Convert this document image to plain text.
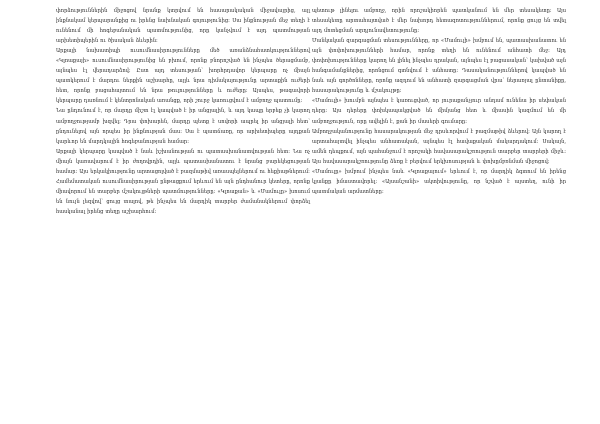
փորձություններին միջոցով նրանք կտրվում են հասարակական միջավայրից, այլ ինքնակամ կերպարանքից ու իրենց նախնական գոյությունից: Սա ինքնության մեջ տեղի է ունենում մի հոգեբանական պատմությունից, որը կանչվում է այդ պատմության արխետիպերին ու ծիսական ձևերին:

Արքայի նախատիպի ուսումնասիրությունները մեծ առանձնահատկություններով «Կլոաքայի» ուսումնասիրությունից են բխում, որոնք բնորոշված են ինչպես ծերացմամբ, այնպես էլ վերադարձով: Ըստ այդ տեսության՝ խորհրդավոր կերպարը ոչ միայն պատկերում է մարդու ներքին աշխարհը, այլև նրա դիմակայությունը արտաքին ուժերի հետ, որոնք բացահայտում են նրա թուլությունները և ուժերը: Այսպես, թագավորի կերպարը դառնում է կենտրոնական առանցք, որի շուրջ կառուցվում է ամբողջ պատումը:

Նա ընդունում է, որ մարդը միշտ էլ կապված է իր անցյալին, և այդ կապը երբեք չի կարող ամբողջությամբ խզվել: Դրա փոխարեն, մարդը պետք է սովորի ապրել իր անցյալի հետ՝ ընդունելով այն որպես իր ինքնության մաս: Սա է պատճառը, որ արխետիպերը այդքան կարևոր են մարդկային հոգեբանության համար:

Արքայի կերպարը կապված է նաև իշխանության ու պատասխանատվության հետ: Նա ոչ միայն կառավարում է իր ժողովրդին, այլև պատասխանատու է նրանց բարեկեցության համար: Այս երկակիությունը արտացոլված է բազմաթիվ առասպելներում ու հեքիաթներում:

Համեմատական ուսումնասիրության ընթացքում երևում են այն ընդհանուր կետերը, որոնք միավորում են տարբեր մշակույթների պատմությունները: «Կլոաքան» և «Մամուլը» խոսում են նույն լեզվով՝ ցույց տալով, թե ինչպես են մարդիկ տարբեր ժամանակներում փորձել հասկանալ իրենց տեղը աշխարհում:

պետութ լինելու ամբողջ, որին որոշակիորեն պատկանում են մեր տեսակետը: Այս տեսակետը արտահայտված է մեր նախորդ հետազոտություններում, որոնք ցույց են տվել այդ մոտեցման արդյունավետությունը:

Մանկական զարգացման տեսությունները, որ «Մամուլի» խմբում են, պատասխանատու են այն փոփոխությունների համար, որոնք տեղի են ունենում անհատի մեջ: Այդ փոփոխությունները կարող են լինել ինչպես դրական, այնպես էլ բացասական՝ կախված այն հանգամանքներից, որոնցում գտնվում է անհատը: Դասականություններով կապված են նաև այն գործոնները, որոնք ազդում են անհատի զարգացման վրա՝ ներառյալ ընտանիքը, հասարակությունը և մշակույթը:

«Մամուլի» խումբն այնպես է կառուցված, որ յուրաքանչյուր անդամ ունենա իր սեփական դերը: Այս դերերը փոխկապակցված են միմյանց հետ և միասին կազմում են մի ամբողջություն, որը ավելին է, քան իր մասերի գումարը:

Ամբողջականությունը հասարակության մեջ դրսևորվում է բազմաթիվ ձևերով: Այն կարող է արտահայտվել ինչպես անհատական, այնպես էլ հավաքական մակարդակում: Սակայն, ամեն դեպքում, այն պահանջում է որոշակի հավասարակշռություն տարբեր տարրերի միջև: Այս հավասարակշռությունը ձեռք է բերվում երկխոսության և փոխըմբռնման միջոցով:

«Մամուլը» խմբում ինչպես նաև «Կլոաքայում» երևում է, որ մարդիկ ձգտում են իրենց կյանքը իմաստավորել: «Այսանշանի» ակտիվությունը, որ նշված է այստեղ, ունի իր պատմական արմատները:
